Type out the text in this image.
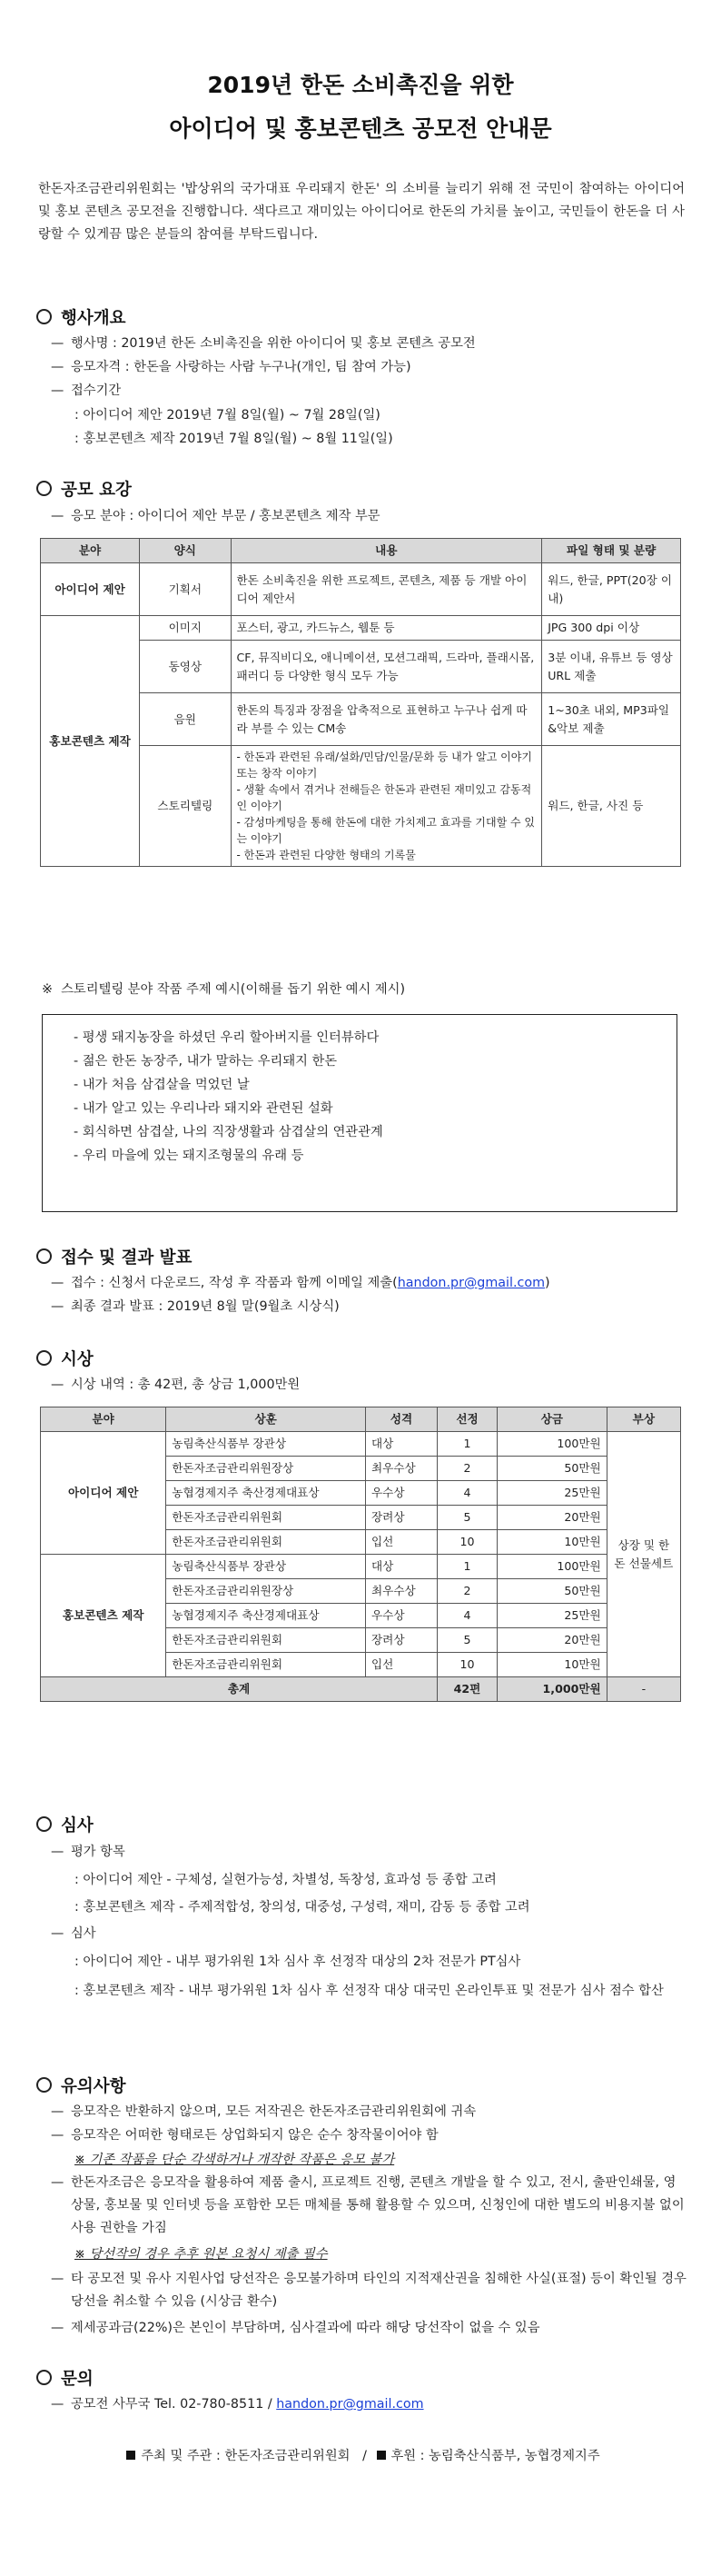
2019년 한돈 소비촉진을 위한
아이디어 및 홍보콘텐츠 공모전 안내문
한돈자조금관리위원회는 '밥상위의 국가대표 우리돼지 한돈' 의 소비를 늘리기 위해 전 국민이 참여하는 아이디어 및 홍보 콘텐츠 공모전을 진행합니다. 색다르고 재미있는 아이디어로 한돈의 가치를 높이고, 국민들이 한돈을 더 사랑할 수 있게끔 많은 분들의 참여를 부탁드립니다.
행사개요
— 행사명 : 2019년 한돈 소비촉진을 위한 아이디어 및 홍보 콘텐츠 공모전
— 응모자격 : 한돈을 사랑하는 사람 누구나(개인, 팀 참여 가능)
— 접수기간
: 아이디어 제안 2019년 7월 8일(월) ~ 7월 28일(일)
: 홍보콘텐츠 제작 2019년 7월 8일(월) ~ 8월 11일(일)
공모 요강
— 응모 분야 : 아이디어 제안 부문 / 홍보콘텐츠 제작 부문
분야	양식	내용	파일 형태 및 분량
아이디어 제안	기획서	한돈 소비촉진을 위한 프로젝트, 콘텐츠, 제품 등 개발 아이디어 제안서	워드, 한글, PPT(20장 이내)
홍보콘텐츠 제작	이미지	포스터, 광고, 카드뉴스, 웹툰 등	JPG 300 dpi 이상
	동영상	CF, 뮤직비디오, 애니메이션, 모션그래픽, 드라마, 플래시몹, 패러디 등 다양한 형식 모두 가능	3분 이내, 유튜브 등 영상 URL 제출
	음원	한돈의 특징과 장점을 압축적으로 표현하고 누구나 쉽게 따라 부를 수 있는 CM송	1~30초 내외, MP3파일&악보 제출
	스토리텔링	- 한돈과 관련된 유래/설화/민담/인물/문화 등 내가 알고 이야기 또는 창작 이야기
- 생활 속에서 겪거나 전해들은 한돈과 관련된 재미있고 감동적인 이야기
- 감성마케팅을 통해 한돈에 대한 가치제고 효과를 기대할 수 있는 이야기
- 한돈과 관련된 다양한 형태의 기록물	워드, 한글, 사진 등
※ 스토리텔링 분야 작품 주제 예시(이해를 돕기 위한 예시 제시)
- 평생 돼지농장을 하셨던 우리 할아버지를 인터뷰하다
- 젊은 한돈 농장주, 내가 말하는 우리돼지 한돈
- 내가 처음 삼겹살을 먹었던 날
- 내가 알고 있는 우리나라 돼지와 관련된 설화
- 회식하면 삼겹살, 나의 직장생활과 삼겹살의 연관관계
- 우리 마을에 있는 돼지조형물의 유래 등
접수 및 결과 발표
— 접수 : 신청서 다운로드, 작성 후 작품과 함께 이메일 제출(handon.pr@gmail.com)
— 최종 결과 발표 : 2019년 8월 말(9월초 시상식)
시상
— 시상 내역 : 총 42편, 총 상금 1,000만원
분야	상훈	성격	선정	상금	부상
아이디어 제안	농림축산식품부 장관상	대상	1	100만원	상장 및 한돈 선물세트
	한돈자조금관리위원장상	최우수상	2	50만원	
	농협경제지주 축산경제대표상	우수상	4	25만원	
	한돈자조금관리위원회	장려상	5	20만원	
	한돈자조금관리위원회	입선	10	10만원	
홍보콘텐츠 제작	농림축산식품부 장관상	대상	1	100만원	
	한돈자조금관리위원장상	최우수상	2	50만원	
	농협경제지주 축산경제대표상	우수상	4	25만원	
	한돈자조금관리위원회	장려상	5	20만원	
	한돈자조금관리위원회	입선	10	10만원	
총계			42편	1,000만원	-
심사
— 평가 항목
: 아이디어 제안 - 구체성, 실현가능성, 차별성, 독창성, 효과성 등 종합 고려
: 홍보콘텐츠 제작 - 주제적합성, 창의성, 대중성, 구성력, 재미, 감동 등 종합 고려
— 심사
: 아이디어 제안 - 내부 평가위원 1차 심사 후 선정작 대상의 2차 전문가 PT심사
: 홍보콘텐츠 제작 - 내부 평가위원 1차 심사 후 선정작 대상 대국민 온라인투표 및 전문가 심사 점수 합산
유의사항
— 응모작은 반환하지 않으며, 모든 저작권은 한돈자조금관리위원회에 귀속
— 응모작은 어떠한 형태로든 상업화되지 않은 순수 창작물이어야 함
※ 기존 작품을 단순 각색하거나 개작한 작품은 응모 불가
— 한돈자조금은 응모작을 활용하여 제품 출시, 프로젝트 진행, 콘텐츠 개발을 할 수 있고, 전시, 출판인쇄물, 영상물, 홍보물 및 인터넷 등을 포함한 모든 매체를 통해 활용할 수 있으며, 신청인에 대한 별도의 비용지불 없이 사용 권한을 가짐
※ 당선작의 경우 추후 원본 요청시 제출 필수
— 타 공모전 및 유사 지원사업 당선작은 응모불가하며 타인의 지적재산권을 침해한 사실(표절) 등이 확인될 경우 당선을 취소할 수 있음 (시상금 환수)
— 제세공과금(22%)은 본인이 부담하며, 심사결과에 따라 해당 당선작이 없을 수 있음
문의
— 공모전 사무국 Tel. 02-780-8511 / handon.pr@gmail.com
주최 및 주관 : 한돈자조금관리위원회 / 후원 : 농림축산식품부, 농협경제지주
